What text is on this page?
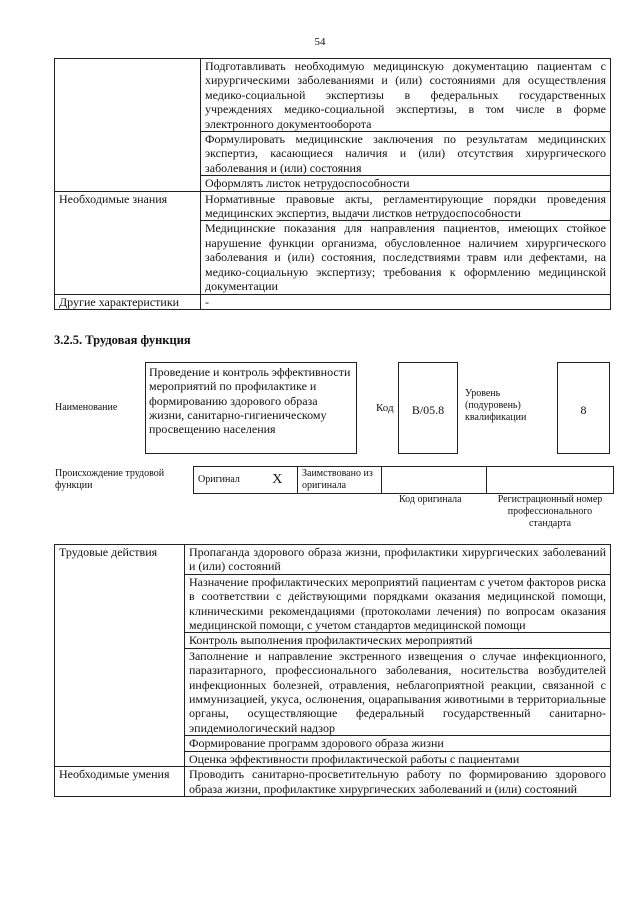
54
	Подготавливать необходимую медицинскую документацию пациентам с хирургическими заболеваниями и (или) состояниями для осуществления медико-социальной экспертизы в федеральных государственных учреждениях медико-социальной экспертизы, в том числе в форме электронного документооборота
	Формулировать медицинские заключения по результатам медицинских экспертиз, касающиеся наличия и (или) отсутствия хирургического заболевания и (или) состояния
	Оформлять листок нетрудоспособности
Необходимые знания	Нормативные правовые акты, регламентирующие порядки проведения медицинских экспертиз, выдачи листков нетрудоспособности
	Медицинские показания для направления пациентов, имеющих стойкое нарушение функции организма, обусловленное наличием хирургического заболевания и (или) состояния, последствиями травм или дефектами, на медико-социальную экспертизу; требования к оформлению медицинской документации
Другие характеристики	-
3.2.5. Трудовая функция
Наименование
Проведение и контроль эффективности мероприятий по профилактике и формированию здорового образа жизни, санитарно-гигиеническому просвещению населения
Код	B/05.8
Уровень (подуровень) квалификации
8
Происхождение трудовой функции
Оригинал	X	Заимствовано из оригинала		
Код оригинала	Регистрационный номер профессионального стандарта
Трудовые действия	Пропаганда здорового образа жизни, профилактики хирургических заболеваний и (или) состояний
	Назначение профилактических мероприятий пациентам с учетом факторов риска в соответствии с действующими порядками оказания медицинской помощи, клиническими рекомендациями (протоколами лечения) по вопросам оказания медицинской помощи, с учетом стандартов медицинской помощи
	Контроль выполнения профилактических мероприятий
	Заполнение и направление экстренного извещения о случае инфекционного, паразитарного, профессионального заболевания, носительства возбудителей инфекционных болезней, отравления, неблагоприятной реакции, связанной с иммунизацией, укуса, ослюнения, оцарапывания животными в территориальные органы, осуществляющие федеральный государственный санитарно-эпидемиологический надзор
	Формирование программ здорового образа жизни
	Оценка эффективности профилактической работы с пациентами
Необходимые умения	Проводить санитарно-просветительную работу по формированию здорового образа жизни, профилактике хирургических заболеваний и (или) состояний
